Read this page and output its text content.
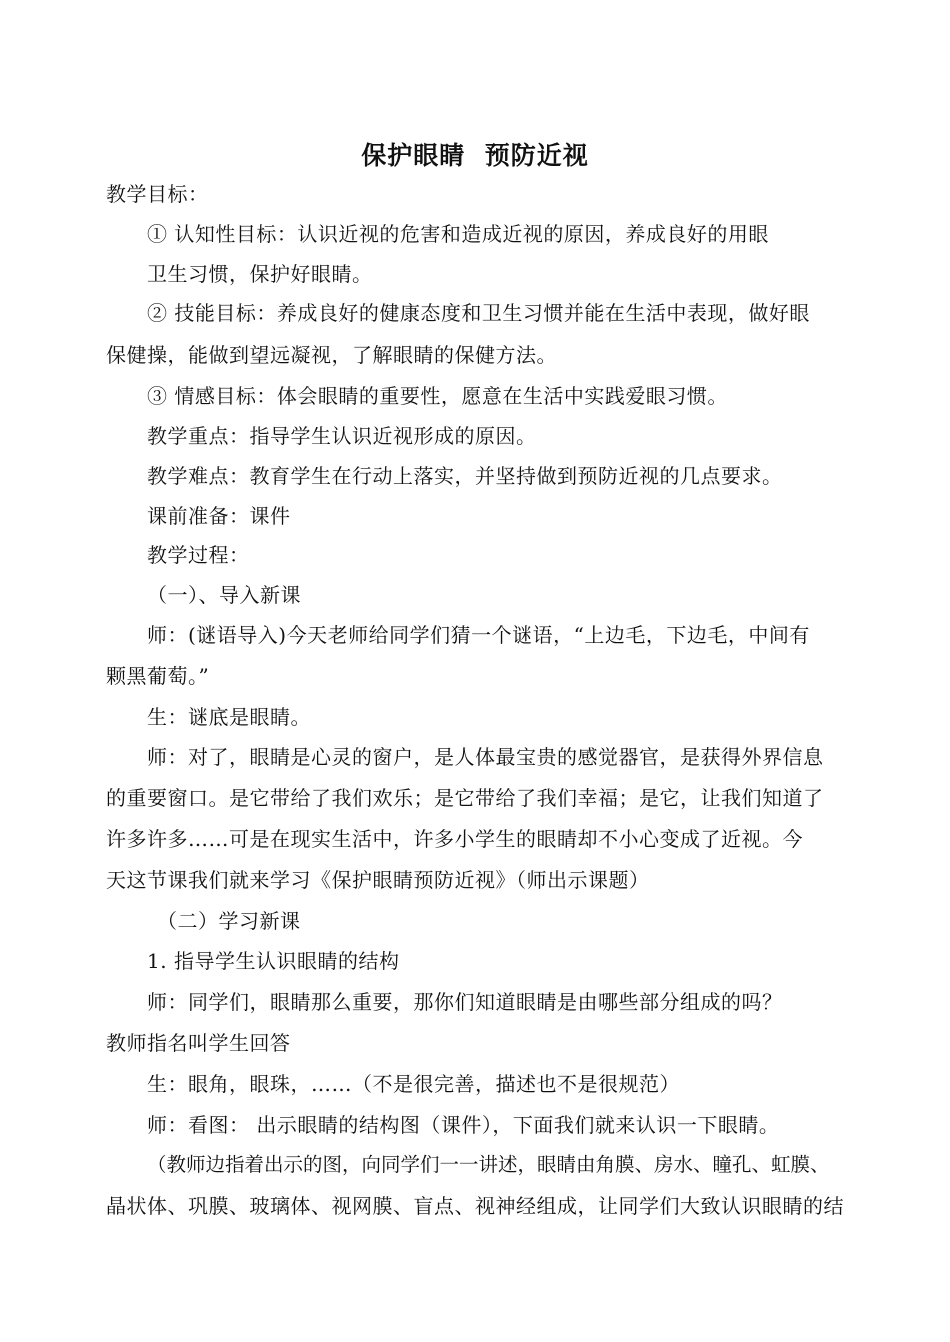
保护眼睛  预防近视
教学目标：
① 认知性目标：认识近视的危害和造成近视的原因，养成良好的用眼
卫生习惯，保护好眼睛。
② 技能目标：养成良好的健康态度和卫生习惯并能在生活中表现，做好眼
保健操，能做到望远凝视，了解眼睛的保健方法。
③ 情感目标：体会眼睛的重要性，愿意在生活中实践爱眼习惯。
教学重点：指导学生认识近视形成的原因。
教学难点：教育学生在行动上落实，并坚持做到预防近视的几点要求。
课前准备：课件
教学过程：
（一）、导入新课
师：(谜语导入)今天老师给同学们猜一个谜语，“上边毛，下边毛，中间有
颗黑葡萄。”
生：谜底是眼睛。
师：对了，眼睛是心灵的窗户，是人体最宝贵的感觉器官，是获得外界信息
的重要窗口。是它带给了我们欢乐；是它带给了我们幸福；是它，让我们知道了
许多许多……可是在现实生活中，许多小学生的眼睛却不小心变成了近视。今
天这节课我们就来学习《保护眼睛预防近视》（师出示课题）
（二）学习新课
1. 指导学生认识眼睛的结构
师：同学们，眼睛那么重要，那你们知道眼睛是由哪些部分组成的吗？
教师指名叫学生回答
生：眼角，眼珠，……（不是很完善，描述也不是很规范）
师：看图： 出示眼睛的结构图（课件），下面我们就来认识一下眼睛。
（教师边指着出示的图，向同学们一一讲述，眼睛由角膜、房水、瞳孔、虹膜、
晶状体、巩膜、玻璃体、视网膜、盲点、视神经组成，让同学们大致认识眼睛的结
